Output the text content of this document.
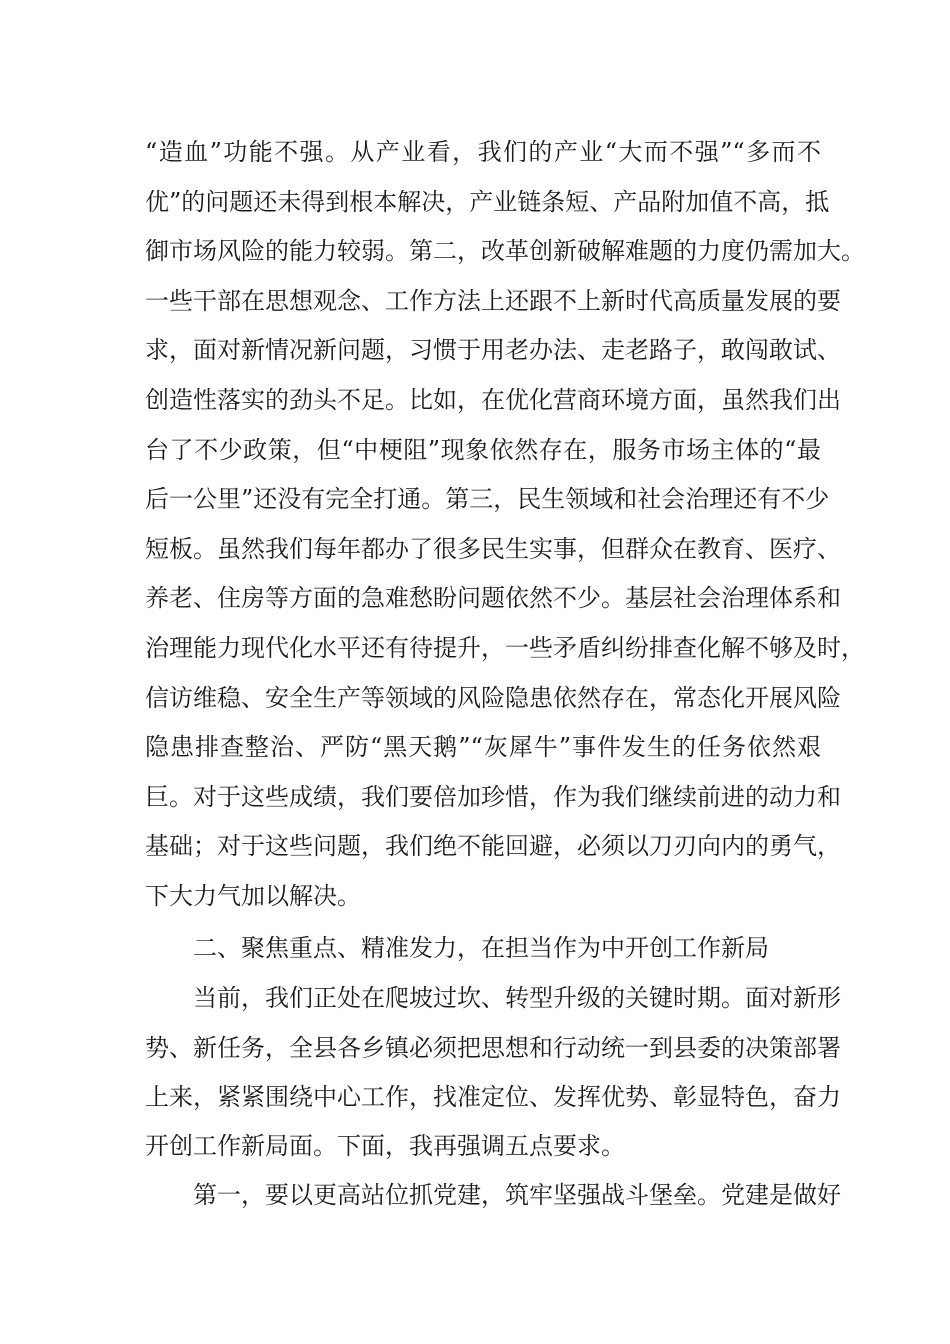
“造血”功能不强。从产业看，我们的产业“大而不强”“多而不
优”的问题还未得到根本解决，产业链条短、产品附加值不高，抵
御市场风险的能力较弱。第二，改革创新破解难题的力度仍需加大。
一些干部在思想观念、工作方法上还跟不上新时代高质量发展的要
求，面对新情况新问题，习惯于用老办法、走老路子，敢闯敢试、
创造性落实的劲头不足。比如，在优化营商环境方面，虽然我们出
台了不少政策，但“中梗阻”现象依然存在，服务市场主体的“最
后一公里”还没有完全打通。第三，民生领域和社会治理还有不少
短板。虽然我们每年都办了很多民生实事，但群众在教育、医疗、
养老、住房等方面的急难愁盼问题依然不少。基层社会治理体系和
治理能力现代化水平还有待提升，一些矛盾纠纷排查化解不够及时，
信访维稳、安全生产等领域的风险隐患依然存在，常态化开展风险
隐患排查整治、严防“黑天鹅”“灰犀牛”事件发生的任务依然艰
巨。对于这些成绩，我们要倍加珍惜，作为我们继续前进的动力和
基础；对于这些问题，我们绝不能回避，必须以刀刃向内的勇气，
下大力气加以解决。
二、聚焦重点、精准发力，在担当作为中开创工作新局
当前，我们正处在爬坡过坎、转型升级的关键时期。面对新形
势、新任务，全县各乡镇必须把思想和行动统一到县委的决策部署
上来，紧紧围绕中心工作，找准定位、发挥优势、彰显特色，奋力
开创工作新局面。下面，我再强调五点要求。
第一，要以更高站位抓党建，筑牢坚强战斗堡垒。党建是做好
